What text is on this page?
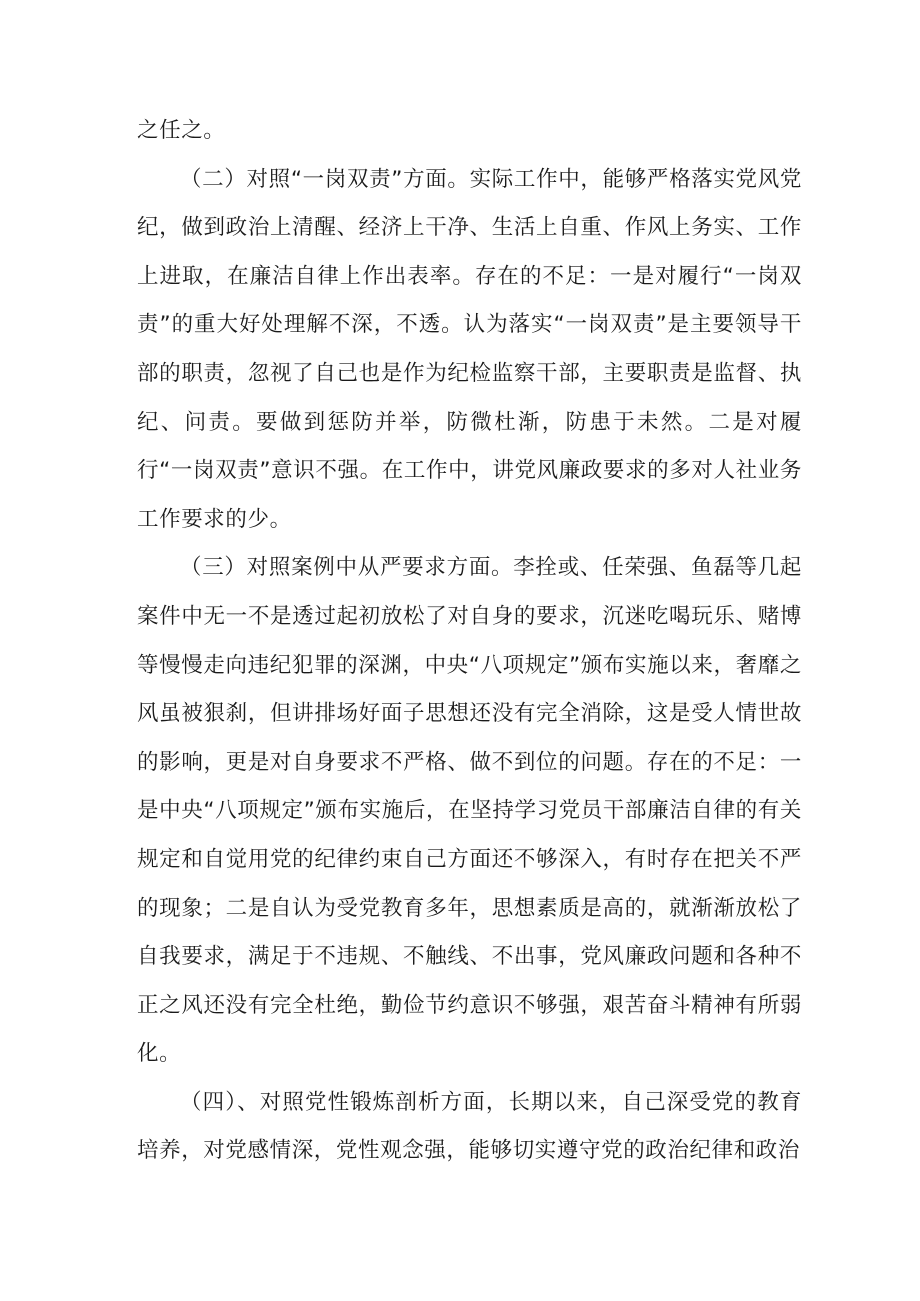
之任之。

（二）对照“一岗双责”方面。实际工作中，能够严格落实党风党纪，做到政治上清醒、经济上干净、生活上自重、作风上务实、工作上进取，在廉洁自律上作出表率。存在的不足：一是对履行“一岗双责”的重大好处理解不深，不透。认为落实“一岗双责”是主要领导干部的职责，忽视了自己也是作为纪检监察干部，主要职责是监督、执纪、问责。要做到惩防并举，防微杜渐，防患于未然。二是对履行“一岗双责”意识不强。在工作中，讲党风廉政要求的多对人社业务工作要求的少。

（三）对照案例中从严要求方面。李拴或、任荣强、鱼磊等几起案件中无一不是透过起初放松了对自身的要求，沉迷吃喝玩乐、赌博等慢慢走向违纪犯罪的深渊，中央“八项规定”颁布实施以来，奢靡之风虽被狠刹，但讲排场好面子思想还没有完全消除，这是受人情世故的影响，更是对自身要求不严格、做不到位的问题。存在的不足：一是中央“八项规定”颁布实施后，在坚持学习党员干部廉洁自律的有关规定和自觉用党的纪律约束自己方面还不够深入，有时存在把关不严的现象；二是自认为受党教育多年，思想素质是高的，就渐渐放松了自我要求，满足于不违规、不触线、不出事，党风廉政问题和各种不正之风还没有完全杜绝，勤俭节约意识不够强，艰苦奋斗精神有所弱化。

（四）、对照党性锻炼剖析方面，长期以来，自己深受党的教育培养，对党感情深，党性观念强，能够切实遵守党的政治纪律和政治
